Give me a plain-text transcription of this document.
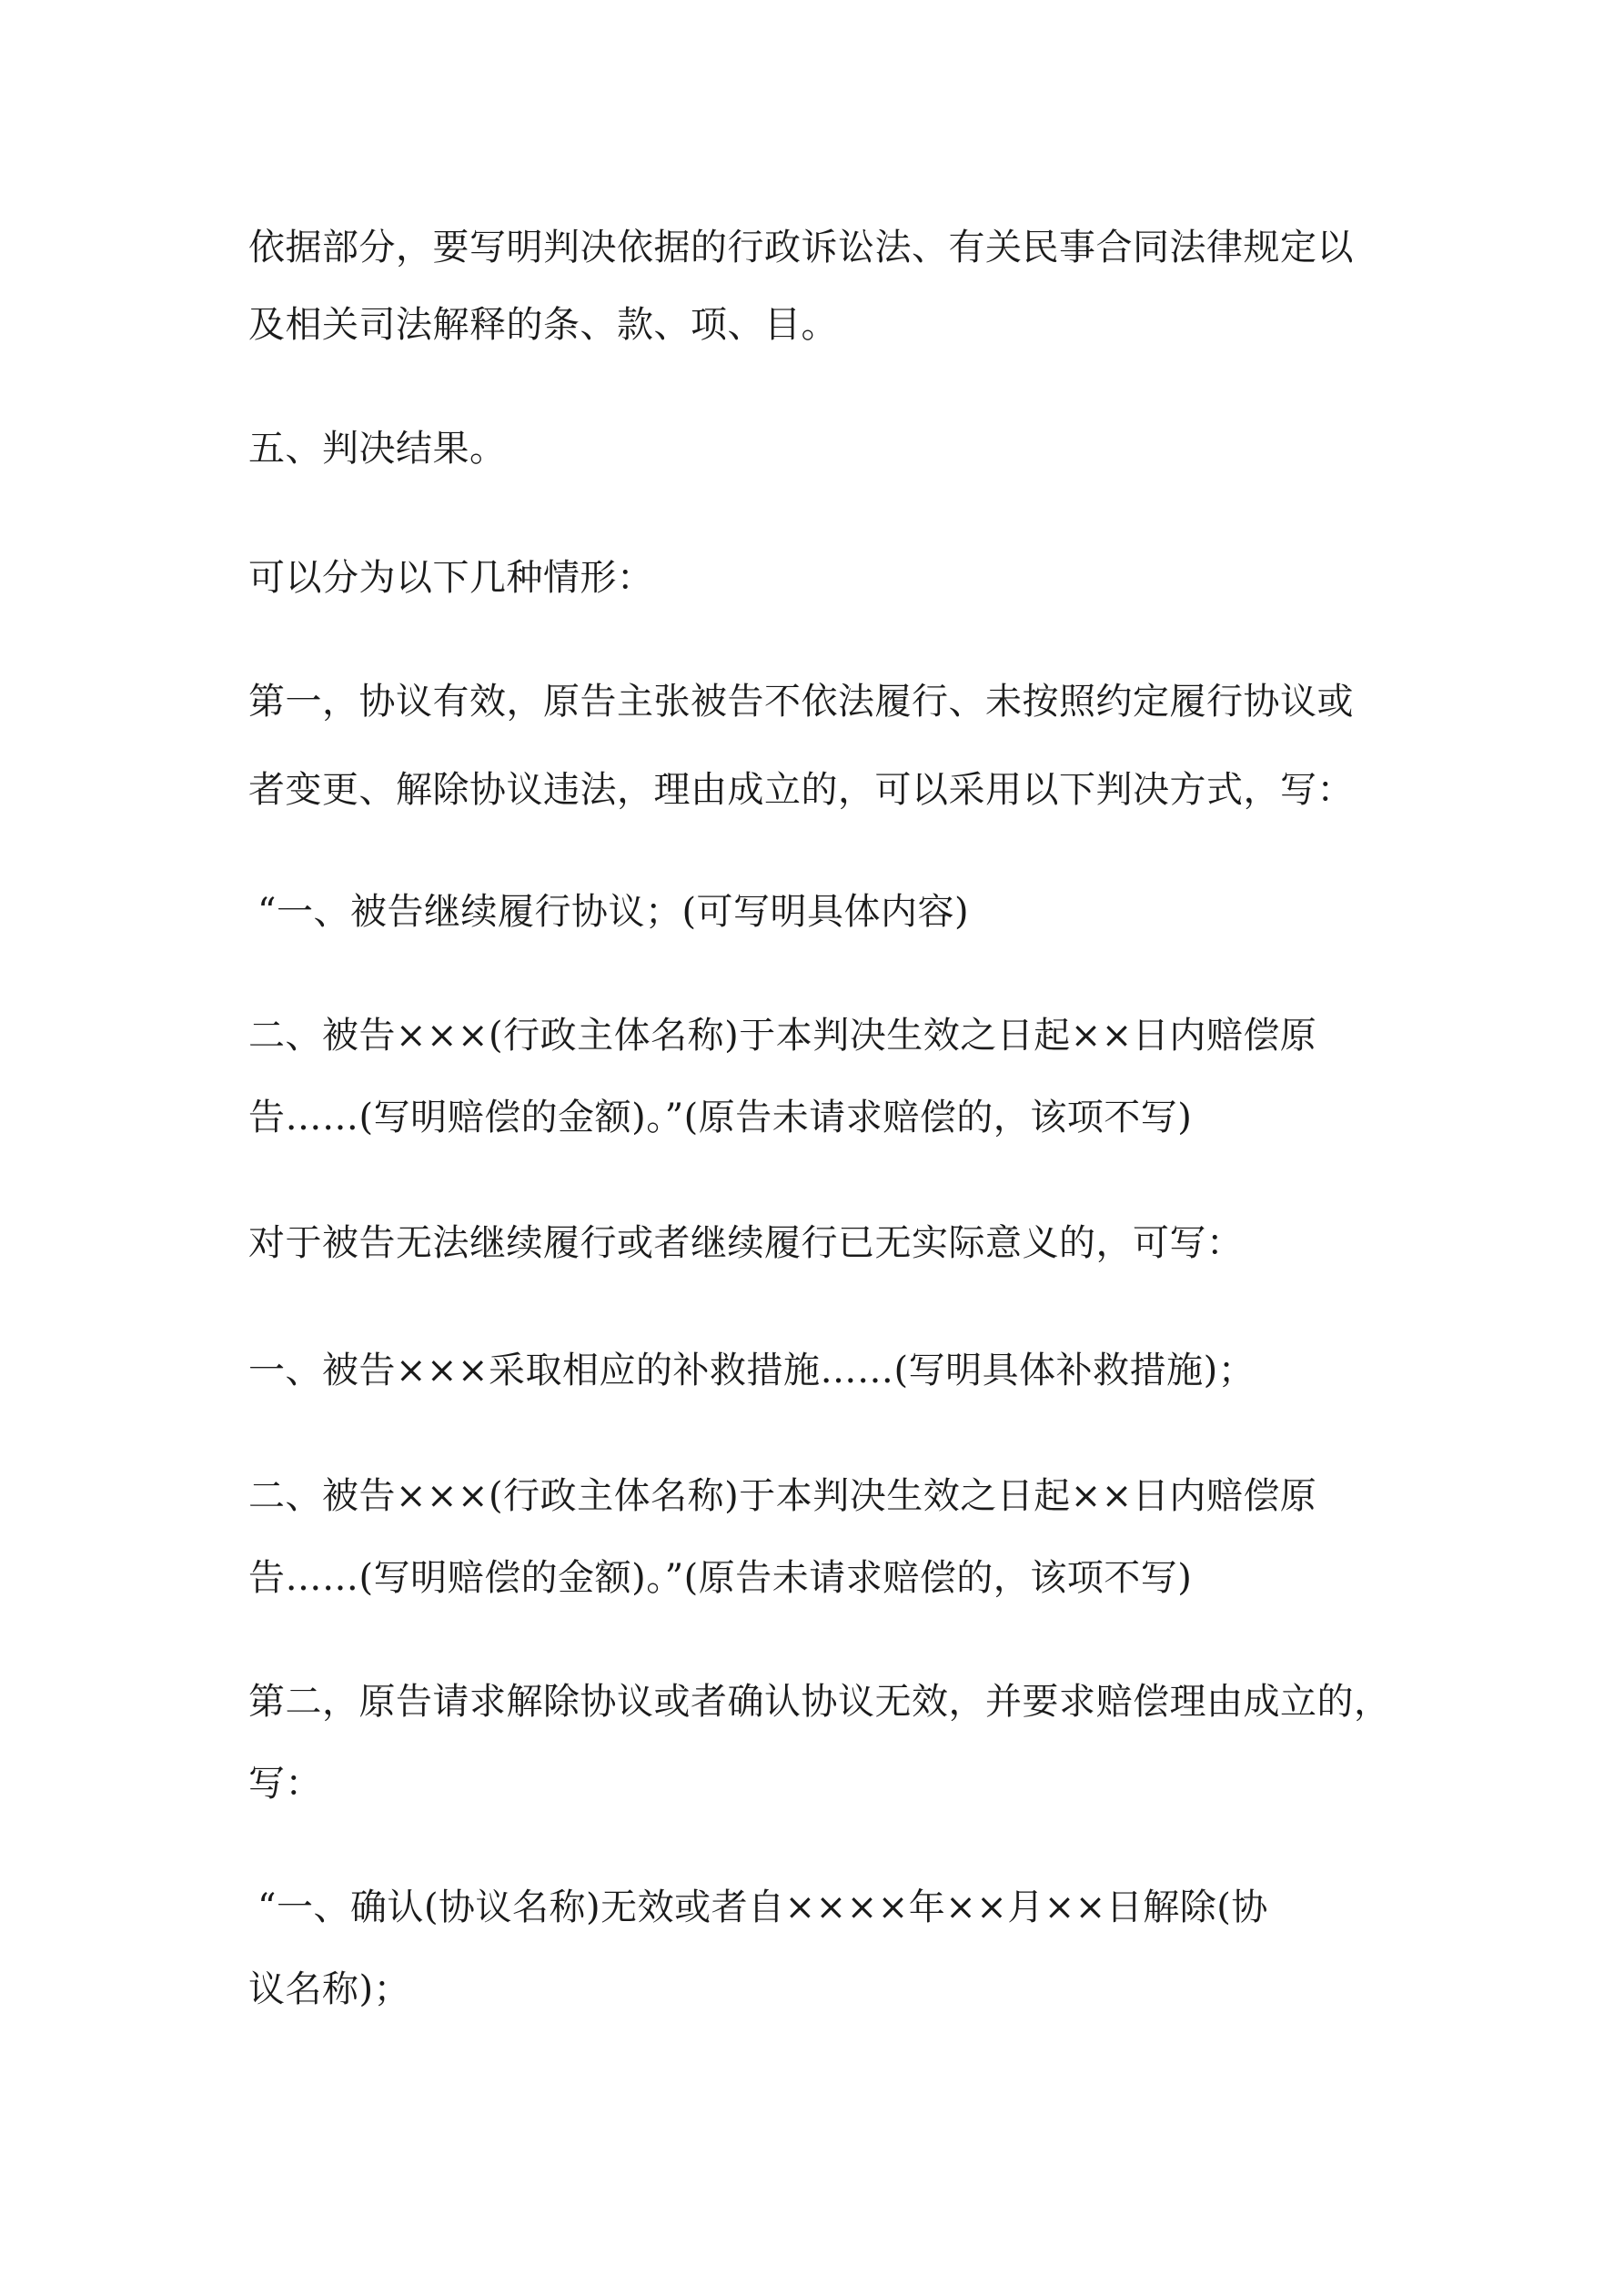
依据部分，要写明判决依据的行政诉讼法、有关民事合同法律规定以

及相关司法解释的条、款、项、目。

五、判决结果。

可以分为以下几种情形：

第一，协议有效，原告主张被告不依法履行、未按照约定履行协议或

者变更、解除协议违法，理由成立的，可以采用以下判决方式，写：

“一、被告继续履行协议；(可写明具体内容)

二、被告×××(行政主体名称)于本判决生效之日起××日内赔偿原

告……(写明赔偿的金额)。”(原告未请求赔偿的，该项不写)

对于被告无法继续履行或者继续履行已无实际意义的，可写：

一、被告×××采取相应的补救措施……(写明具体补救措施)；

二、被告×××(行政主体名称)于本判决生效之日起××日内赔偿原

告……(写明赔偿的金额)。”(原告未请求赔偿的，该项不写)

第二，原告请求解除协议或者确认协议无效，并要求赔偿理由成立的，

写：

“一、确认(协议名称)无效或者自××××年××月××日解除(协

议名称)；
